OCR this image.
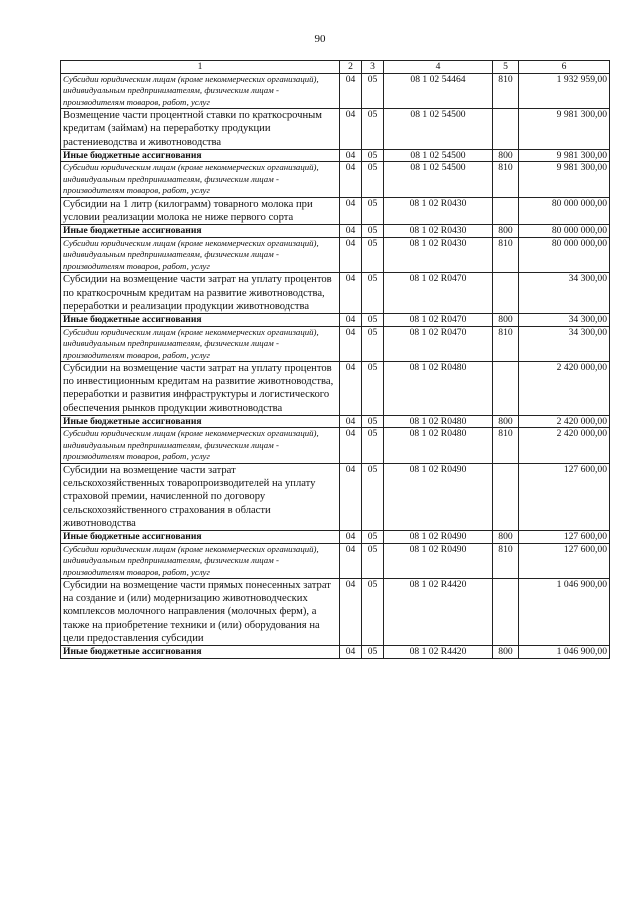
90
1	2	3	4	5	6
Субсидии юридическим лицам (кроме некоммерческих организаций), индивидуальным предпринимателям, физическим лицам - производителям товаров, работ, услуг	04	05	08 1 02 54464	810	1 932 959,00
Возмещение части процентной ставки по краткосрочным кредитам (займам) на переработку продукции растениеводства и животноводства	04	05	08 1 02 54500		9 981 300,00
Иные бюджетные ассигнования	04	05	08 1 02 54500	800	9 981 300,00
Субсидии юридическим лицам (кроме некоммерческих организаций), индивидуальным предпринимателям, физическим лицам - производителям товаров, работ, услуг	04	05	08 1 02 54500	810	9 981 300,00
Субсидии на 1 литр (килограмм) товарного молока при условии реализации молока не ниже первого сорта	04	05	08 1 02 R0430		80 000 000,00
Иные бюджетные ассигнования	04	05	08 1 02 R0430	800	80 000 000,00
Субсидии юридическим лицам (кроме некоммерческих организаций), индивидуальным предпринимателям, физическим лицам - производителям товаров, работ, услуг	04	05	08 1 02 R0430	810	80 000 000,00
Субсидии на возмещение части затрат на уплату процентов по краткосрочным кредитам на развитие животноводства, переработки и реализации продукции животноводства	04	05	08 1 02 R0470		34 300,00
Иные бюджетные ассигнования	04	05	08 1 02 R0470	800	34 300,00
Субсидии юридическим лицам (кроме некоммерческих организаций), индивидуальным предпринимателям, физическим лицам - производителям товаров, работ, услуг	04	05	08 1 02 R0470	810	34 300,00
Субсидии на возмещение части затрат на уплату процентов по инвестиционным кредитам на развитие животноводства, переработки и развития инфраструктуры и логистического обеспечения рынков продукции животноводства	04	05	08 1 02 R0480		2 420 000,00
Иные бюджетные ассигнования	04	05	08 1 02 R0480	800	2 420 000,00
Субсидии юридическим лицам (кроме некоммерческих организаций), индивидуальным предпринимателям, физическим лицам - производителям товаров, работ, услуг	04	05	08 1 02 R0480	810	2 420 000,00
Субсидии на возмещение части затрат сельскохозяйственных товаропроизводителей на уплату страховой премии, начисленной по договору сельскохозяйственного страхования в области животноводства	04	05	08 1 02 R0490		127 600,00
Иные бюджетные ассигнования	04	05	08 1 02 R0490	800	127 600,00
Субсидии юридическим лицам (кроме некоммерческих организаций), индивидуальным предпринимателям, физическим лицам - производителям товаров, работ, услуг	04	05	08 1 02 R0490	810	127 600,00
Субсидии на возмещение части прямых понесенных затрат на создание и (или) модернизацию животноводческих комплексов молочного направления (молочных ферм), а также на приобретение техники и (или) оборудования на цели предоставления субсидии	04	05	08 1 02 R4420		1 046 900,00
Иные бюджетные ассигнования	04	05	08 1 02 R4420	800	1 046 900,00
